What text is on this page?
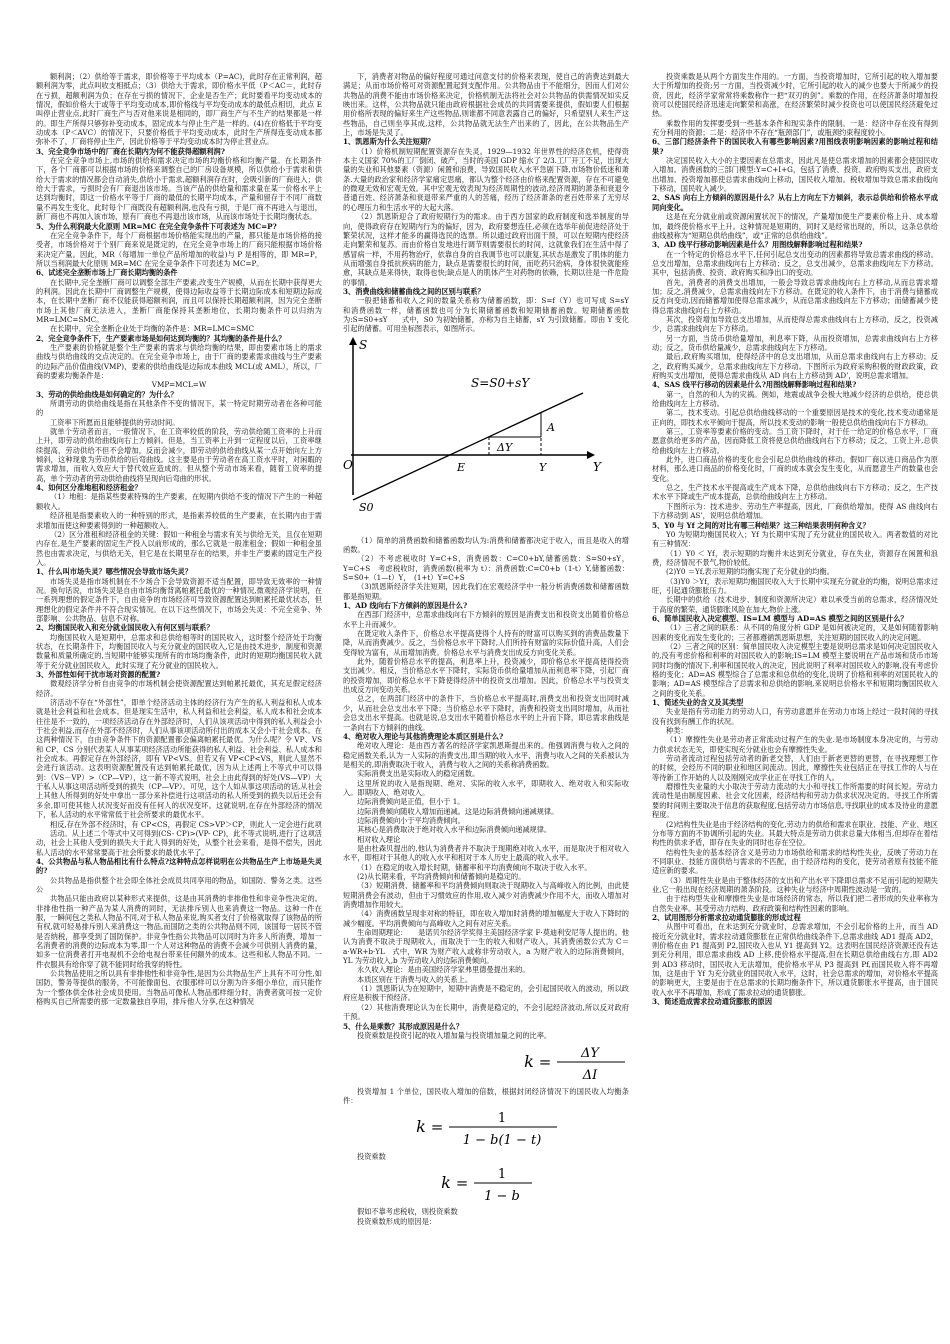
额利润；（2）供给等于需求，即价格等于平均成本（P=AC)，此时存在正常利润，超额利润为零，此点叫收支相抵点；（3）供给大于需求，即价格水平低（P＜AC＝，此时存在亏损，超额利润为负；在存在亏损的情况下，企业是否生产；此时要看平均变动成本的情况，假如价格大于或等于平均变动成本,即价格线与平均变动成本的最低点相切，此点 E 叫停止营业点,此时厂商生产与否对他来说是相同的，即厂商生产与不生产的结果都是一样的。即生产所得只够弥补变动成本，固定成本与停止生产是一样的。(4)在价格低于平均变动成本（P＜AVC）的情况下，只要价格低于平均变动成本，此时生产所得连变动成本都弥补不了，厂商将停止生产，因此价格等于平均变动成本时为停止营业点。

3、完全竞争市场中的厂商在长期内为何不能获得超额利润?

在完全竞争市场上,市场的供给和需求决定市场的均衡价格和均衡产量。在长期条件下，各个厂商都可以根据市场的价格来调整自己的厂房设备规模，所以供给小于需求和供给大于需求的情况都会自动消失,供给小于需求,超额利润存在时，会吸引新的厂商进入；供给大于需求，亏损时会有厂商退出该市场。当该产品的供给量和需求量在某一价格水平上达到均衡时，即这一价格水平等于厂商的最低的长期平均成本，产量和留存于不同厂商数量不再发生变化，此时每个厂商既没有超额利润,也没有亏损，于是厂商不再进入与退出，新厂商也不再加入该市场，原有厂商也不再退出该市场，从而该市场处于长期均衡状态。

5、为什么利润最大化原则 MR=MC 在完全竞争条件下可表述为 MC=P?

在完全竞争条件下，每个厂商根据市场价格能实现出的产量，都只能是市场价格的接受者，市场价格对于个别厂商来说是既定的，在完全竞争市场上的厂商只能根据市场价格来决定产量。因此，MR（每增加一单位产品所增加的收益)与 P 是相等的，即 MR=P，所以当利润最大化原则 MR=MC 在完全竞争条件下可表述为 MC=P。

6、试述完全垄断市场上厂商长期均衡的条件

在长期中,完全垄断厂商可以调整全部生产要素,改变生产规模，从而在长期中获得更大的利润。因此在长期中厂商调整生产规模，使得边际收益等于长期边际成本和短期边际成本，在长期中垄断厂商不仅能获得超额利润，而且可以保持长期超额利润，因为完全垄断市场上其他厂商无法进入，垄断厂商能保持其垄断地位，长期均衡条件可以归纳为 MR=LMC=SMC。

在长期中，完全垄断企业处于均衡的条件是：MR=LMC=SMC

2、完全竞争条件下，生产要素市场是如何达到均衡的？其均衡的条件是什么？

生产要素的价格就是整个生产要素的需求与供给均衡的结果，即由要素市场上的需求曲线与供给曲线的交点决定的。在完全竞争市场上，由于厂商的要素需求曲线与生产要素的边际产品价值曲线(VMP)，要素的供给曲线是边际成本曲线 MCL(或 AML），所以，厂商的要素均衡条件是：

VMP=MCL=W

3、劳动的供给曲线是如何确定的？为什么？

所谓劳动的供给曲线是指在其他条件不变的情况下，某一特定时期劳动者在各种可能的

工资率下所愿而且能够提供的劳动时间。

就单个劳动者而言，一般情况下，在工资率较低的阶段，劳动供给随工资率的上升而上升，即劳动的供给曲线向右上方倾斜。但是，当工资率上升到一定程度以后，工资率继续提高，劳动供给不但不会增加，反而会减少，即劳动的供给曲线从某一点开始向左上方倾斜，这种现象为劳动供给的后弯曲线。这主要是由于劳动者在高工资水平时，对闲暇的需求增加，而收入效应大于替代效应造成的。但从整个劳动市场来看，随着工资率的提高，单个劳动者的劳动供给曲线将呈现向后弯曲的形状。

4、如何区分准地租和经济租金？

（1）地租：是指某些要素特殊的生产要素，在短期内供给不变的情况下产生的一种超额收入。

经济租是指要素收入的一种特别的形式，是指素养较低的生产要素，在长期内由于需求增加而使这种要素得到的一种超额收入。

（2）区分准租和经济租金的关键：假如一种租金与需求有关与供给无关，且仅在短期内存在,是生产要素的固定生产投入以前形成的，那么它就是一般准租金；假如一种租金虽然也由需求决定，与供给无关，但它是在长期里存在的结果，并非生产要素的固定生产投入。

1、什么叫市场失灵？哪些情况会导致市场失灵？

市场失灵是指市场机制在不少场合下会导致资源不适当配置，即导致无效率的一种情况。换句话说，市场失灵是自由市场均衡背离帕累托最优的一种情况,微观经济学说明，在一系列理想的假定条件下，自由竞争的市场经济可导致资源配置达到帕累托最优状态，但理想化的假定条件并不符合现实情况。在以下这些情况下，市场会失灵：不完全竞争、外部影响、公共物品、信息不对称。

2、均衡国民收入和充分就业国民收入有何区别与联系？

均衡国民收入是短期中，总需求和总供给相等时的国民收入，这时整个经济处于均衡状态，在长期条件下，均衡国民收入与充分就业的国民收入,它是由技术进步，制度和资源数量和质量所确定的,当短期中能够实现所有的市场均衡条件，此时的短期均衡国民收入就等于充分就业国民收入，此时实现了充分就业的国民收入。

3、外部性如何干扰市场对资源的配置?

微观经济学分析自由竞争的市场机制会使资源配置达到帕累托最优，其充足假定经济经济。

济活动不存在“外部性”，即单个经济活动主体的经济行为产生的私人利益和私人成本就是社会利益和社会成本。但是现实生活中，私人利益和社会利益，私人成本和社会成本往往是不一致的，一项经济活动存在外部经济时，人们从该项活动中得到的私人利益会小于社会利益,而存在外部不经济时，人们从事该项活动所付出的成本又会小于社会成本。在这两种情况下，自由竞争条件下的资源配置都会偏离帕累托最优。为什么呢？令 VP、VS 和 CP、CS 分别代表某人从事某项经济活动所能获得的私人利益、社会利益、私人成本和社会成本。再假定存在外部经济，即有 VP<VS。但若又有 VP<CP<VS，则此人显然不会进行该活动。这表明资源配置没有达到帕累托最优，因为从上述两上不等式中可以得到：（VS－VP）>（CP—VP），这一新不等式说明，社会上由此得到的好处(VS—VP）大于私人从事这项活动所受到的损失（CP—VP）。可见，这个人如从事这项活动的话,从社会上其他人所得到的好处中拿出一部分来补偿进行这项活动的私人所受到的损失以后还会有多余,即可使其他人状况变好而没有任何人的状况变坏。这就说明,在存在外部经济的情况下，私人活动的水平常常低于社会所要求的最优水平。

相反,存在外部不经济时，有 CP<CS，再假定 CS>VP＞CP，则此人一定会进行此项

活动。从上述二个等式中又可得到(CS- CP)>(VP- CP)，此不等式说明,进行了这项活动，社会上其他人受到的损失大于此人得到的好处，从整个社会来看，是得不偿失，因此私人活动的水平常常要高于社会所要求的最优水平了。

4、公共物品与私人物品相比有什么特点?这种特点怎样说明在公共物品生产上市场是失灵的?

公共物品是指供整个社会即全体社会成员共同享用的物品，如国防、警务之类。这些公

共物品只能由政府以某种形式来提供，这是由其消费的非排他性和非竞争性决定的。非排他性指一种产品为某人消费的同时，无法排斥别人也来消费这一物品。这种一件在服，一瞬间包之类私人物品不同,对于私人物品来说,购买者支付了价格就取得了该物品的所有权,就可轻易排斥别人来消费这一物品,而国防之类的公共物品则不同，该国每一居民不管是否纳税，都享受到了国防保护。非竞争性指公共物品可以同时为许多人所消费，增加一名消费者的消费的边际成本为零,即一个人对这种物品的消费不会减少可供别人消费的量，如多一位消费者打开电视机不会给电视台带来任何额外的成本。这些和私人物品不同。一件衣服具有给你穿了就不能同时给我穿的特性。

公共物品使用之所以具有非排他性和非竞争性,是因为公共物品生产上具有不可分性,如国防，警务等提供的服务，不可能像面包、衣服那样可以分割为许多细小单位，而只能作为一个整体供全体社会成员使用。当物品可像私人物品那样细分时，消费者就可按一定价格购买自己所需要的那一定数量独自享用，排斥他人分享,在这种情况

下，消费者对物品的偏好程度可通过问意支付的价格来表现，使自己的消费达到最大满足；从而市场价格可对资源配置起到支配作用。公共物品由于不能细分，因而人们对公共物品的消费不能由市场价格来决定，价格机制无法将社会对公共物品的供需情况如实反映出来。这样，公共物品就只能由政府根据社会成员的共同需要来提供，假如要人们根据用价格所表现的偏好来生产这些物品,则谁都不同意表露自己的偏好，只希望别人来生产这些物品，自己则坐享其成,这样，公共物品就无法生产出来的了，因此，在公共物品生产上，市场是失灵了。

1、凯恩斯为什么关注短期？

（1）价格机制短期配置资源存在失灵。1929—1932 年世界性的经济危机，使得资本主义国家 70%的工厂倒闭、破产，当时的美国 GDP 缩水了 2/3.工厂开工不足，出现大量的失业和其他要素（资源）闲置和浪费，导致国民收入水平急剧下降,市场物价低迷和萧条.大量的政治家和经济学家痛定思痛，都认为整个经济由价格来配置资源，存在不可避免的微观无效和宏观无效。其中宏观无效表现为经济周期性的波动,经济周期的萧条和衰退令普通百姓、经济萧条和衰退带来严重的人的苦痛，经历了经济萧条的老百姓带来了无穷尽的心理压力和生活水平的大起大落。

（2）凯恩斯迎合了政府短期行为的需求。由于西方国家的政府制度和选举制度的导向，使得政府存在短期内行为的偏好，因为，政府要想连任,必须在选举年前促进经济处于繁荣状况，这样才能多的赢得选民的选票。所以通过政府出面干预，可以在短期内使经济走向繁荣和复苏。而由价格自发地进行调节则需要很长的时间，这就象我们在生活中得了感冒病一样，不用药物治疗，依靠自身的自我调节也可以康复,其状态是激发了肌体的能力从而增强自身抵抗疾病的能力，缺点是需要很长的时间，而吃药只治病，身体很快就能痊愈，其缺点是来得快，取得也快;缺点是人的肌体产生对药物的依赖，长期以往是一件危险的事情。

3、消费曲线和储蓄曲线之间的区别与联系？

一般把储蓄和收入之间的数量关系称为储蓄函数，即：S=f（Y）也可写成 S=sY　　和消费函数一样，储蓄函数也可分为长期储蓄函数和短期储蓄函数。短期储蓄函数为:S=S0+sY　　式中，S0 为初始储蓄，亦称为自主储蓄，sY 为引致储蓄。即由 Y 变化引起的储蓄。可用坐标图表示，如图所示。

S
O
S0
S=S0+sY
E
ΔY
A
Y	Y

（1）简单的消费函数和储蓄函数均认为:消费和储蓄都决定于收入，而且是收入的增函数。

（2）不考虑税收时 Y=C+S，消费函数：C=C0+bY,储蓄函数：S=S0+sY，Y=C+S　考虑税收时，消费函数(税率为 t）：消费函数:C=C0+b（1-t）Y,储蓄函数：S=S0+（1—t）Y，　(1+t）Y=C+S

（3)凯恩斯经济学关注短期，因此我们在宏观经济学中一般分析消费函数和储蓄函数都是指短期。

1、AD 线向右下方倾斜的原因是什么?

在西部门经济中，总需求曲线向右下方倾斜的原因是消费支出和投资支出随着价格总水平上升而减少。

在既定收入条件下，价格总水平提高使得个人持有的财富可以购买到的消费品数量下降，从而消费减少。反之，当价格总水平下降时,人们所持有财富的实际价值升高，人们会变得较为富有，从而增加消费。价格总水平与消费支出成反方向变化关系。

此外，随着价格总水平的提高，利息率上升，投资减少，即价格总水平提高使得投资支出减少。相反，当价格总水平下降时，实际货币供给量增加从而利息率下降，引起厂商的投资增加，即价格总水平下降使得经济中的投资支出增加。因此，价格总水平与投资支出成反方向变动关系。

总之，在两部门经济中的条件下，当价格总水平提高时,消费支出和投资支出同时减少，从而社会总支出水平下降；当价格总水平下降时，消费和投资支出同时增加，从而社会总支出水平提高。也就是说,总支出水平随着价格总水平的上升而下降，即总需求曲线是一条向右下方倾斜的曲线。

4、绝对收入理论与其他消费理论本质区别是什么?

绝对收入理论：是由西方著名的经济学家凯恩斯提出来的。他强调消费与收入之间的稳定函数关系,认为一人实际的消费支出,即当期的收入水平、消费与收入之间的关系被认为是相关的,即消费取决于收入，消费与收入之间的关系称消费函数。

实际消费支出是实际收入的稳定函数。

这里所说的收入是指现期、绝对、实际的收入水平，即期收入、绝对收入和实际收入。即期收入、绝对收入。

边际消费倾向是正值，但小于 1。

边际消费倾向随收入增加而递减。这是边际消费倾向递减规律。

边际消费倾向小于平均消费倾向。

其核心是消费取决于绝对收入水平和边际消费倾向递减规律。

相对收入理论

是由杜森贝提出的,他认为消费者并不取决于现期绝对收入水平，而是取决于相对收入水平，即相对于其他人的收入水平和相对于本人历史上最高的收入水平。

（1）在稳定的收入增长时期，储蓄率和平均消费倾向不取决于收入水平。

(2)从长期来看，平均消费倾向和储蓄倾向是稳定的。

（3）短期消费、储蓄率和平均消费倾向则取决于现期收入与高峰收入的比例，由此使短期消费会有波动，但由于习惯效应的作用,收入减少对消费减少作用不大，而收入增加对消费增加作用较大。

（4）消费函数呈现非对称的特征，即在收入增加时消费的增加幅度大于收入下降时的减少幅度。平均消费倾向与高峰收入之间有对应关系。

生命周期理论：　　是诺贝尔经济学奖得主美国经济学家 F·莫迪利安尼等人提出的。他认为消费不取决于现期收入，而取决于一生的收入和财产收入，其消费函数公式为 C＝a·WR+b·YL　式中，WR 为财产收入或称非劳动收入，a 为财产收入的边际消费倾向，YL 为劳动收入,b 为劳动收入的边际消费倾向。

永久收入理论：是由美国经济学家弗里德曼提出来的。

本质区别在于消费与收入的关系上。

（1）凯恩斯认为在短期中，短期中消费是不稳定的，会引起国民收入的波动，所以政府应是积极干预经济。

（2）其他消费理论认为在长期中，消费是稳定的，不会引起经济波动,所以反对政府干预。

5、什么是乘数？其形成原因是什么？

投资乘数是投资引起的收入增加量与投资增加量之间的比率。

k = ΔY
ΔI

投资增加 1 个单位，国民收入增加的倍数，根据封闭经济情况下的国民收入均衡条件：

k =	1
1 − b(1 − t)

投资乘数

k = 1
1 − b

假如不靠考虑税收，则投资乘数

投资乘数形成的原因是：

投资乘数是从两个方面发生作用的。一方面，当投资增加时，它所引起的收入增加要大于所增加的投资;另一方面，当投资减少时，它所引起的收入的减少也要大于所减少的投资，因此，经济学家常常将乘数称作一把“双刃的剑”。乘数的作用，在经济萧条时增加投资可以使国民经济迅速走向繁荣和高涨，在经济繁荣时减少投资也可以使国民经济避免过热。

乘数作用的发挥要受到一些基本条件和现实条件的限制。一是：经济中存在没有得到充分利用的资源；二是：经济中不存在“瓶颈部门”，或瓶颈约束程度较小。

6、三部门经济条件下的国民收入有哪些影响因素?用图线表明影响因素的影响过程和结果?

决定国民收入大小的主要因素在总需求，因此凡是使总需求增加的因素都会使国民收入增加。消费函数的三部门模型:Y=C+I+G，包括了消费、投资、政府购买支出，政府支出增加、投资增加都使总需求曲线向上移动，国民收入增加。税收增加导致总需求曲线向下移动，国民收入减少。

2、SAS 向右上方倾斜的原因是什么？从右上方向左下方倾斜，表示总供给和价格水平成同向变化。

这是在充分就业前或资源闲置状况下的情况，产量增加使生产要素价格上升、成本增加，最终使价格水平上升。这种情况是短期的，同时又是经常出现的，所以，这条总供给曲线被称为“短期总供给曲线”，或“正常的总供给曲线”。

3、AD 线平行移动影响因素是什么？用图线解释影响过程和结果?

在一个特定的价格总水平下,任何引起总支出变动的因素都将导致总需求曲线的移动。总支出增加，总需求曲线向右上方移动；反之，总支出减少，总需求曲线向左下方移动。其中，包括消费、投资、政府购买和净出口的变动。

首先，消费者的消费支出增加，一般会导致总需求曲线向右上方移动,从而总需求增加；反之,消费减少，总需求曲线向左下方移动。在既定的收入条件下，由于消费与储蓄成反方向变动,因而储蓄增加使得总需求减少，从而总需求曲线向左下方移动；而储蓄减少使得总需求曲线向右上方移动。

其次，投资增加导致总支出增加，从而使得总需求曲线向右上方移动，反之，投资减少，总需求曲线向左下方移动。

另一方面，当货币供给量增加，利息率下降，从而投资增加，总需求曲线向右上方移动；反之，货币供给量减少，总需求曲线向左下方移动。

最后,政府购买增加，使得经济中的总支出增加，从而总需求曲线向右上方移动；反之，政府购买减少，总需求曲线向左下方移动。下图所示为政府采购积极的财政政策，政府购买支出增加，使得总需求曲线从 AD 向右上方移动到 AD’，说明总需求增加。

4、SAS 线平行移动的因素是什么?用图线解释影响过程和结果?

第一，自然的和人为的灾祸。例如，地震或战争会极大地减少经济的总供给，使总供给曲线向左上方移动。

第二，技术变动。引起总供给曲线移动的一个重要原因是技术的变化,技术变动通常是正向的，即技术水平倾向于提高，所以技术变动的影响一般使总供给曲线向右下方移动。

第三，工资率等要素价格的变动。当工资下降时，对于任一给定的价格总水平，厂商愿意供给更多的产品，因而降低工资将使总供给曲线向右下方移动；反之，工资上升,总供给曲线向左上方移动。

此外，进口商品价格的变化也会引起总供给曲线的移动。假如厂商以进口商品作为原材料，那么进口商品的价格变化时，厂商的成本就会发生变化，从而愿意生产的数量也会变化。

总之，生产技术水平提高或生产成本下降，总供给曲线向右下方移动；反之，生产技术水平下降或生产成本提高，总供给曲线向左上方移动。

下图所示为：技术进步、劳动生产率提高，因此，厂商供给增加，使得 AS 曲线向右下方移动到 AS’，说明总供给增加。

5、Y0 与 Yf 之间的对比有哪三种结果？这三种结果表明何种含义？

Y0 为短期均衡国民收入；Yf 为长期中实现了充分就业的国民收入。两者数值的对比有三种情况：

（1）Y0 ＜ Yf，表示短期的均衡并未达到充分就业，存在失业，资源存在闲置和浪费，经济情况不景气,物价较低。

(2)Y0 ＝Yf,表示短期的均衡实现了充分就业的均衡。

（3)Y0 ＞Yf，表示短期均衡国民收入大于长期中实现充分就业的均衡，说明总需求过旺，引起通货膨胀压力。

长期中的供给（技术进步、制度和资源所决定）难以承受当前的总需求，经济情况处于高度的繁荣，通货膨胀风险在加大,物价上涨。

6、简单国民收入决定模型、IS=LM 模型与 AD=AS 模型之间的区别是什么？

（1）三者之间的联系：从不同的角度分析 GDP 是如何被决定的，又是如何随着影响因素的变化而发生变化的；三者都遵循凯恩斯思想，关注短期的国民收入的决定问题。

（2）三者之间的区别：简单国民收入决定模型主要是说明总需求是如何决定国民收入的,没有考虑价格和利率的对国民收入的影响;IS=LM 模型主要说明在产品市场和货币市场同时均衡的情况下,利率和国民收入的决定，因此说明了利率对国民收入的影响,没有考虑价格的变化；AD=AS 模型综合了总需求和总供给的变化,说明了价格和利率的对国民收入的影响；AD=AS 模型综合了总需求和总供给的影响,来说明总价格水平和短期均衡国民收入之间的变化关系。

1、简述失业的含义及其类型

失业是指有劳动能力的劳动人口，有劳动意愿并在劳动力市场上经过一段时间的寻找没有找到有酬工作的状况。

种类：

（1）摩擦性失业是劳动者正常流动过程产生的失业.是市场制度本身决定的，与劳动力供求状态无关，即使实现充分就业也会有摩擦性失业。

劳动者流动过程包括劳动者的新老交替，人们由于新老更替的更替，在寻找理想工作的时候，会经历不同的职业和地区间流动。因此，摩擦性失业包括正在寻找工作的人与在等待新工作开始的人以及刚刚完成学业正在寻找工作的人。

磨擦性失业量的大小取决于劳动力流动的大小和寻找工作所需要的时间长短。劳动力流动性是由制度因素、社会文化因素，经济结构和劳动力供求状况决定的。寻找工作所需要的时间则主要取决于信息的获取程度,包括劳动力市场信息,寻找职业的成本及待业的意愿程度。

(2)结构性失业是由于经济结构的变化,劳动力的供给和需求在职业、技能、产业、地区分布等方面的不协调所引起的失业。其最大特点是劳动力供求总量大体相当,但却存在着结构性的供求矛盾，即存在失业的同时也存在空位。

结构性失业的基本经济含义是劳动力市场供给和需求的结构性失业，反映了劳动力在不同职业、技能方面供给与需求的不匹配，由于经济结构的变化，使劳动者原有技能不能适应新的要求。

（3）周期性失业是由于整体经济的支出和产出水平下降即总需求不足而引起的短期失业,它一般出现在经济周期的萧条阶段。这种失业与经济中周期性波动是一致的。

由于结构型失业和摩擦性失业是市场经济的常态，所以我们把二者形成的失业率称为自然失业率。其受劳动力结构、政府政策和结构性因素的影响。

2、试用图形分析需求拉动通货膨胀的形成过程

从图中可看出，在未达到充分就业时，总需求增加，不会引起价格的上升，而当 AD 接近充分就业时，需求拉动通货膨胀在正常供给曲线条件下,总需求曲线 AD1 提高 AD2，则价格在由 P1 提高到 P2,国民收入也从 Y1 提高到 Y2。这表明在国民经济资源还没有达到充分利用，即总需求曲线 AD 上移,使价格水平提高,但在长期总供给曲线右方,即 AD2 到 AD3 移动时，国民收入无法增加，使价格水平从 P3 提高到 Pf,而国民收入将不再增加，这是由于 Yf 为充分就业的国民收入水平，这时，社会总需求的增加，对价格水平提高的影响更大，主要是由于在总需求的长期均衡条件下，所以通货膨胀水平提高，由于国民收入水平不再增加，形成了需求拉动的通货膨胀。

3、简述造成需求拉动通货膨胀的原因
